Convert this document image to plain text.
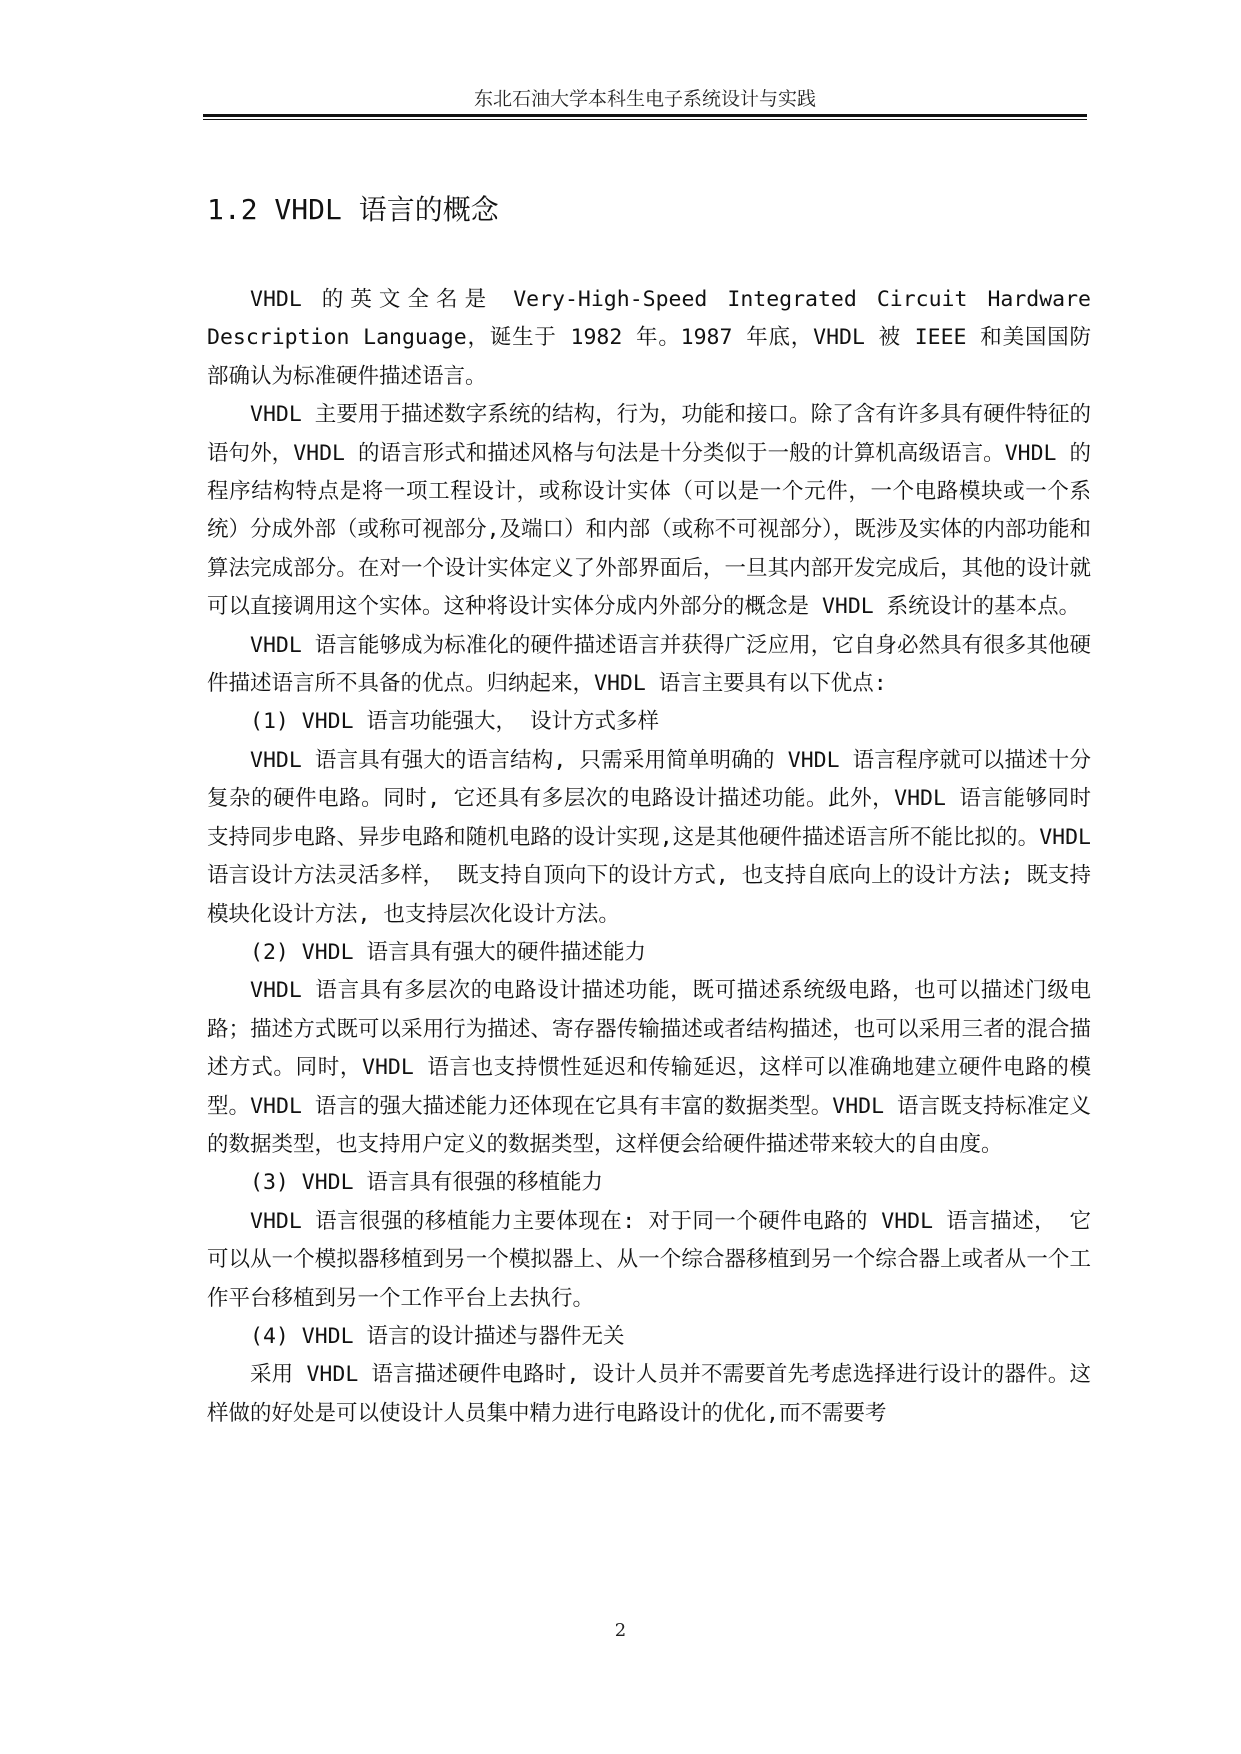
东北石油大学本科生电子系统设计与实践
1.2 VHDL 语言的概念

VHDL 的英文全名是 Very-High-Speed Integrated Circuit Hardware Description Language，诞生于 1982 年。1987 年底，VHDL 被 IEEE 和美国国防部确认为标准硬件描述语言。

VHDL 主要用于描述数字系统的结构，行为，功能和接口。除了含有许多具有硬件特征的语句外，VHDL 的语言形式和描述风格与句法是十分类似于一般的计算机高级语言。VHDL 的程序结构特点是将一项工程设计，或称设计实体（可以是一个元件，一个电路模块或一个系统）分成外部（或称可视部分,及端口）和内部（或称不可视部分），既涉及实体的内部功能和算法完成部分。在对一个设计实体定义了外部界面后，一旦其内部开发完成后，其他的设计就可以直接调用这个实体。这种将设计实体分成内外部分的概念是 VHDL 系统设计的基本点。

VHDL 语言能够成为标准化的硬件描述语言并获得广泛应用，它自身必然具有很多其他硬件描述语言所不具备的优点。归纳起来，VHDL 语言主要具有以下优点:

(1) VHDL 语言功能强大， 设计方式多样

VHDL 语言具有强大的语言结构, 只需采用简单明确的 VHDL 语言程序就可以描述十分复杂的硬件电路。同时, 它还具有多层次的电路设计描述功能。此外，VHDL 语言能够同时支持同步电路、异步电路和随机电路的设计实现,这是其他硬件描述语言所不能比拟的。VHDL 语言设计方法灵活多样， 既支持自顶向下的设计方式, 也支持自底向上的设计方法; 既支持模块化设计方法, 也支持层次化设计方法。

(2) VHDL 语言具有强大的硬件描述能力

VHDL 语言具有多层次的电路设计描述功能，既可描述系统级电路，也可以描述门级电路；描述方式既可以采用行为描述、寄存器传输描述或者结构描述，也可以采用三者的混合描述方式。同时，VHDL 语言也支持惯性延迟和传输延迟，这样可以准确地建立硬件电路的模型。VHDL 语言的强大描述能力还体现在它具有丰富的数据类型。VHDL 语言既支持标准定义的数据类型，也支持用户定义的数据类型，这样便会给硬件描述带来较大的自由度。

(3) VHDL 语言具有很强的移植能力

VHDL 语言很强的移植能力主要体现在: 对于同一个硬件电路的 VHDL 语言描述， 它可以从一个模拟器移植到另一个模拟器上、从一个综合器移植到另一个综合器上或者从一个工作平台移植到另一个工作平台上去执行。

(4) VHDL 语言的设计描述与器件无关

采用 VHDL 语言描述硬件电路时, 设计人员并不需要首先考虑选择进行设计的器件。这样做的好处是可以使设计人员集中精力进行电路设计的优化,而不需要考

2
